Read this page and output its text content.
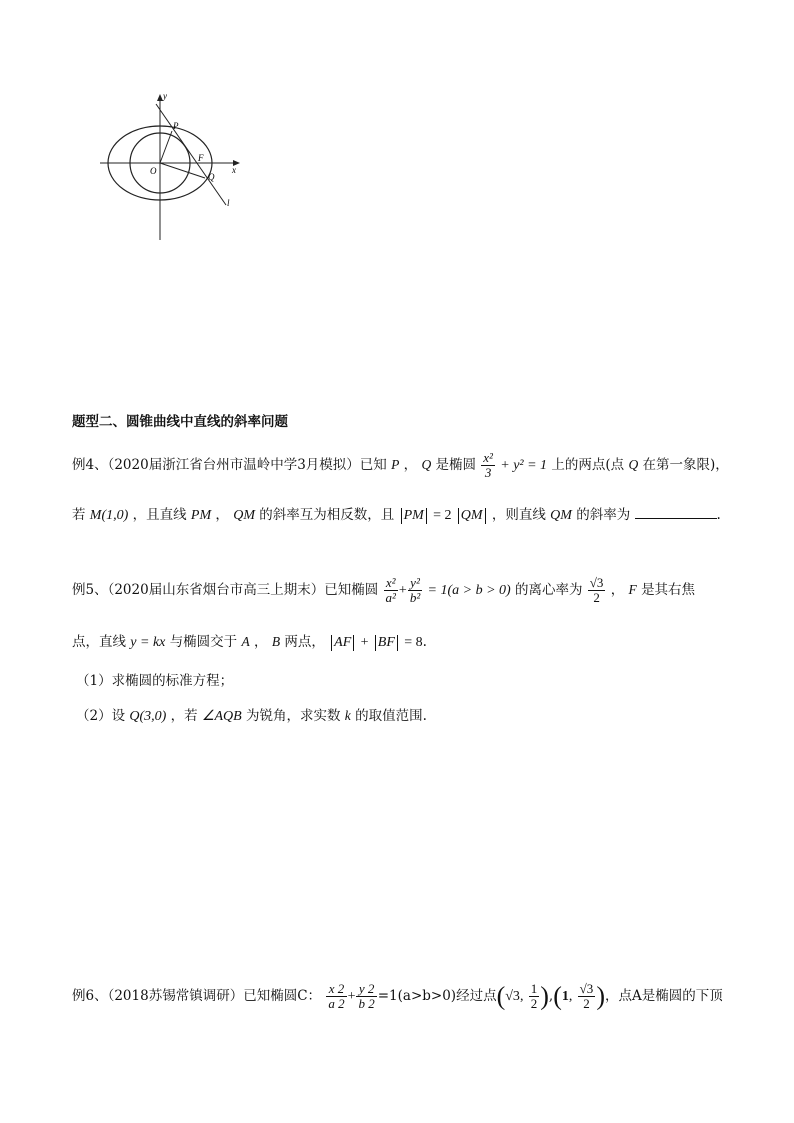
y
x
O
P
F
Q
l
题型二、圆锥曲线中直线的斜率问题
例4、（2020届浙江省台州市温岭中学3月模拟）已知 P ， Q 是椭圆 $\frac{\text{x²}}{3} + y^2 = 1$ 上的两点(点 Q 在第一象限)，
若 M(1,0) ，且直线 PM ， QM 的斜率互为相反数，且 PM = 2 QM ，则直线 QM 的斜率为	.
例5、（2020届山东省烟台市高三上期末）已知椭圆 $\frac{\text{x²}}{\text{a²}} + \frac{\text{y²}}{\text{b²}} = 1(a > b > 0)$ 的离心率为 $\frac{√3}{2}$ ， F 是其右焦
点，直线 y = kx 与椭圆交于 A ， B 两点， AF + BF = 8.
（1）求椭圆的标准方程；
（2）设 Q(3,0) ，若 ∠AQB 为锐角，求实数 k 的取值范围.
例6、（2018苏锡常镇调研）已知椭圆C： $\frac{x 2}{a 2} + \frac{y 2}{b 2} =1(a>b>0)$经过点(√3, $\frac{1}{2} ),(1$, $\frac{√3}{2}$ )，点A是椭圆的下顶
